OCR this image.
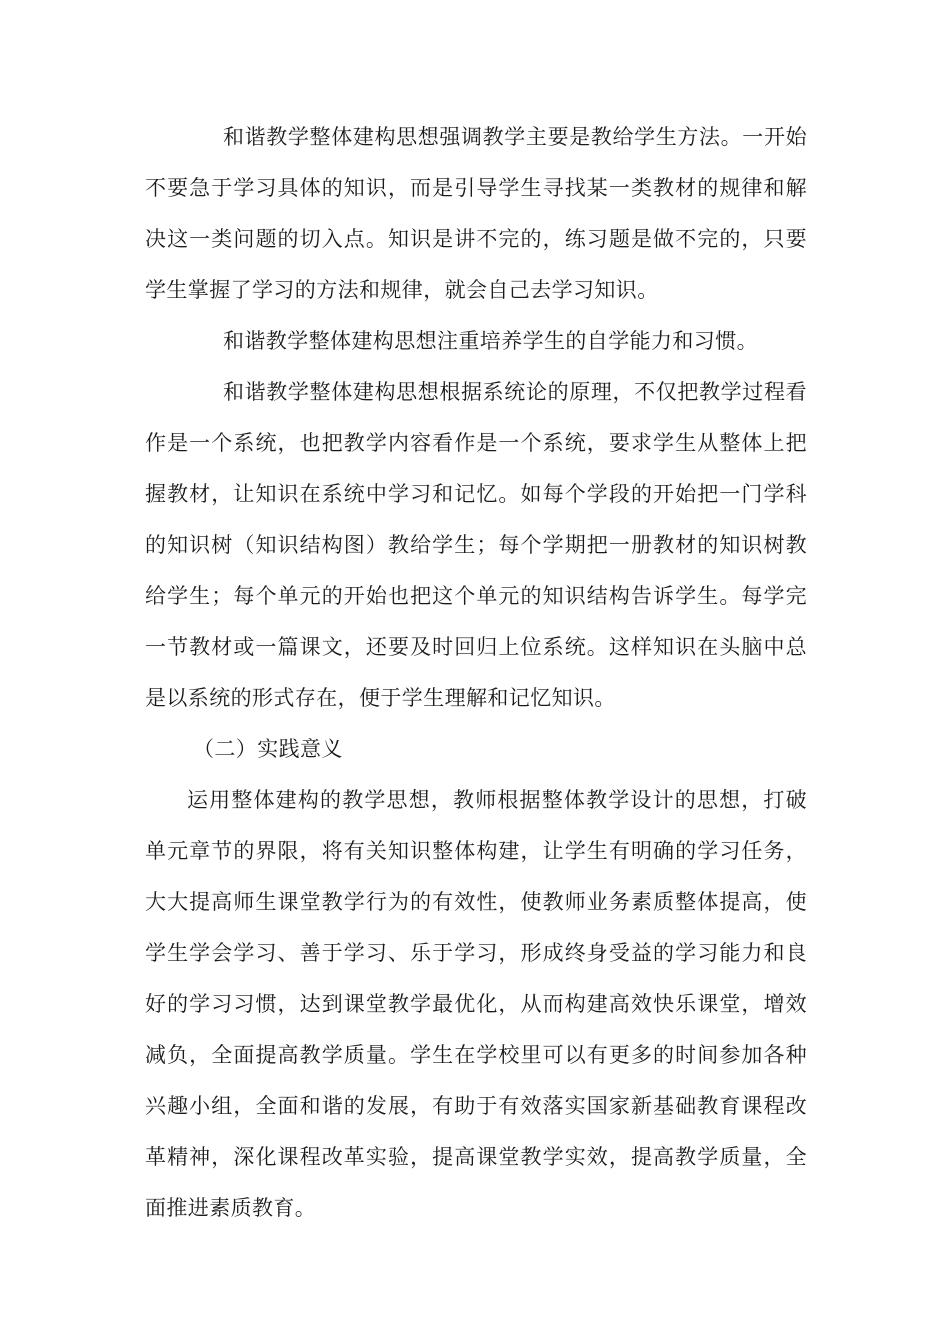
和谐教学整体建构思想强调教学主要是教给学生方法。一开始不要急于学习具体的知识，而是引导学生寻找某一类教材的规律和解决这一类问题的切入点。知识是讲不完的，练习题是做不完的，只要学生掌握了学习的方法和规律，就会自己去学习知识。

和谐教学整体建构思想注重培养学生的自学能力和习惯。

和谐教学整体建构思想根据系统论的原理，不仅把教学过程看作是一个系统，也把教学内容看作是一个系统，要求学生从整体上把握教材，让知识在系统中学习和记忆。如每个学段的开始把一门学科的知识树（知识结构图）教给学生；每个学期把一册教材的知识树教给学生；每个单元的开始也把这个单元的知识结构告诉学生。每学完一节教材或一篇课文，还要及时回归上位系统。这样知识在头脑中总是以系统的形式存在，便于学生理解和记忆知识。

（二）实践意义

运用整体建构的教学思想，教师根据整体教学设计的思想，打破单元章节的界限，将有关知识整体构建，让学生有明确的学习任务，大大提高师生课堂教学行为的有效性，使教师业务素质整体提高，使学生学会学习、善于学习、乐于学习，形成终身受益的学习能力和良好的学习习惯，达到课堂教学最优化，从而构建高效快乐课堂，增效减负，全面提高教学质量。学生在学校里可以有更多的时间参加各种兴趣小组，全面和谐的发展，有助于有效落实国家新基础教育课程改革精神，深化课程改革实验，提高课堂教学实效，提高教学质量，全面推进素质教育。
